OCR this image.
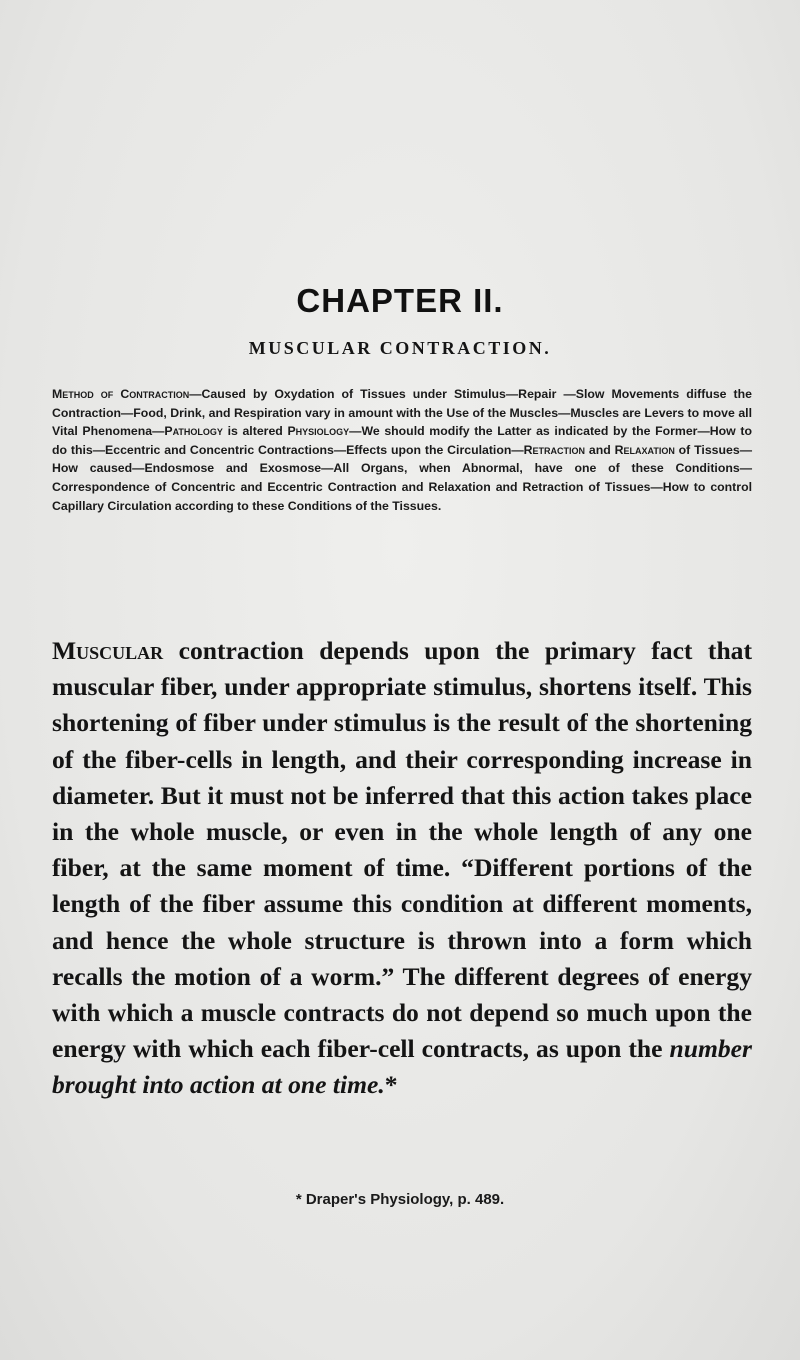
CHAPTER II.
MUSCULAR CONTRACTION.
Method of Contraction—Caused by Oxydation of Tissues under Stimulus—Repair —Slow Movements diffuse the Contraction—Food, Drink, and Respiration vary in amount with the Use of the Muscles—Muscles are Levers to move all Vital Phenomena—Pathology is altered Physiology—We should modify the Latter as indicated by the Former—How to do this—Eccentric and Concentric Contractions—Effects upon the Circulation—Retraction and Relaxation of Tissues—How caused—Endosmose and Exosmose—All Organs, when Abnormal, have one of these Conditions—Correspondence of Concentric and Eccentric Contraction and Relaxation and Retraction of Tissues—How to control Capillary Circulation according to these Conditions of the Tissues.
Muscular contraction depends upon the primary fact that muscular fiber, under appropriate stimulus, shortens itself. This shortening of fiber under stimulus is the result of the shortening of the fiber-cells in length, and their corresponding increase in diameter. But it must not be inferred that this action takes place in the whole muscle, or even in the whole length of any one fiber, at the same moment of time. “Different portions of the length of the fiber assume this condition at different moments, and hence the whole structure is thrown into a form which recalls the motion of a worm.” The different degrees of energy with which a muscle contracts do not depend so much upon the energy with which each fiber-cell contracts, as upon the number brought into action at one time.*
* Draper's Physiology, p. 489.
